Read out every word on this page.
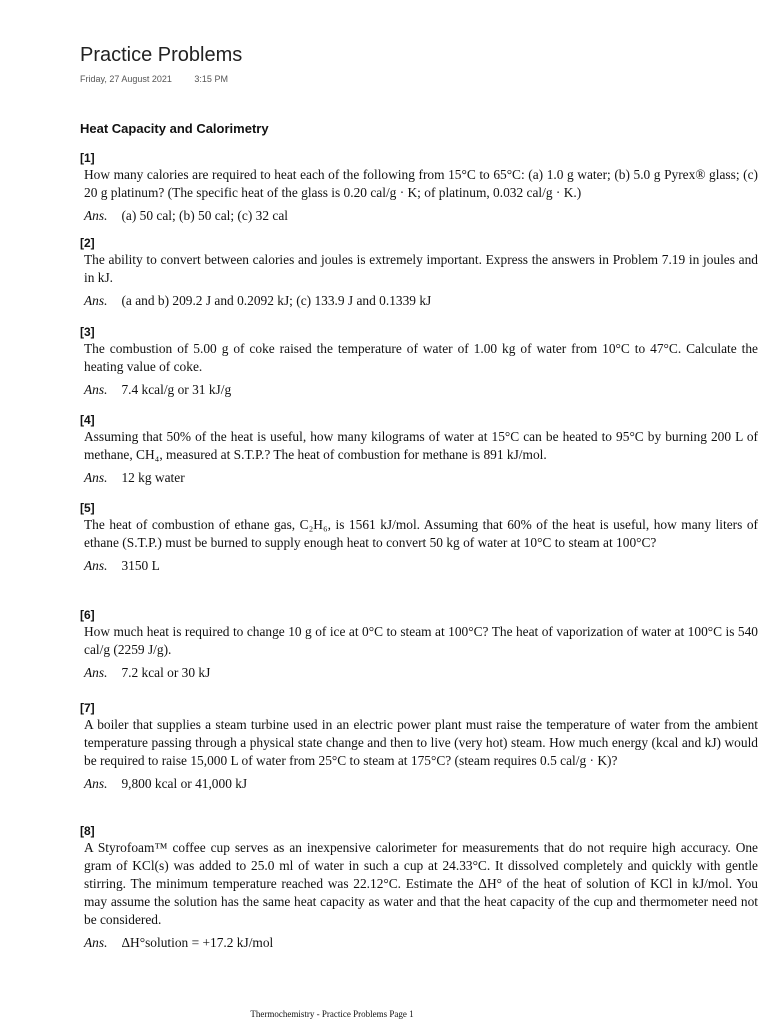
Practice Problems
Friday, 27 August 2021	3:15 PM
Heat Capacity and Calorimetry
[1]
How many calories are required to heat each of the following from 15°C to 65°C: (a) 1.0 g water; (b) 5.0 g Pyrex® glass; (c) 20 g platinum? (The specific heat of the glass is 0.20 cal/g · K; of platinum, 0.032 cal/g · K.)
Ans. (a) 50 cal; (b) 50 cal; (c) 32 cal
[2]
The ability to convert between calories and joules is extremely important. Express the answers in Problem 7.19 in joules and in kJ.
Ans. (a and b) 209.2 J and 0.2092 kJ; (c) 133.9 J and 0.1339 kJ
[3]
The combustion of 5.00 g of coke raised the temperature of water of 1.00 kg of water from 10°C to 47°C. Calculate the heating value of coke.
Ans. 7.4 kcal/g or 31 kJ/g
[4]
Assuming that 50% of the heat is useful, how many kilograms of water at 15°C can be heated to 95°C by burning 200 L of methane, CH₄, measured at S.T.P.? The heat of combustion for methane is 891 kJ/mol.
Ans. 12 kg water
[5]
The heat of combustion of ethane gas, C₂H₆, is 1561 kJ/mol. Assuming that 60% of the heat is useful, how many liters of ethane (S.T.P.) must be burned to supply enough heat to convert 50 kg of water at 10°C to steam at 100°C?
Ans. 3150 L
[6]
How much heat is required to change 10 g of ice at 0°C to steam at 100°C? The heat of vaporization of water at 100°C is 540 cal/g (2259 J/g).
Ans. 7.2 kcal or 30 kJ
[7]
A boiler that supplies a steam turbine used in an electric power plant must raise the temperature of water from the ambient temperature passing through a physical state change and then to live (very hot) steam. How much energy (kcal and kJ) would be required to raise 15,000 L of water from 25°C to steam at 175°C? (steam requires 0.5 cal/g · K)?
Ans. 9,800 kcal or 41,000 kJ
[8]
A Styrofoam™ coffee cup serves as an inexpensive calorimeter for measurements that do not require high accuracy. One gram of KCl(s) was added to 25.0 ml of water in such a cup at 24.33°C. It dissolved completely and quickly with gentle stirring. The minimum temperature reached was 22.12°C. Estimate the ΔH° of the heat of solution of KCl in kJ/mol. You may assume the solution has the same heat capacity as water and that the heat capacity of the cup and thermometer need not be considered.
Ans. ΔH°solution = +17.2 kJ/mol
Thermochemistry - Practice Problems Page 1
